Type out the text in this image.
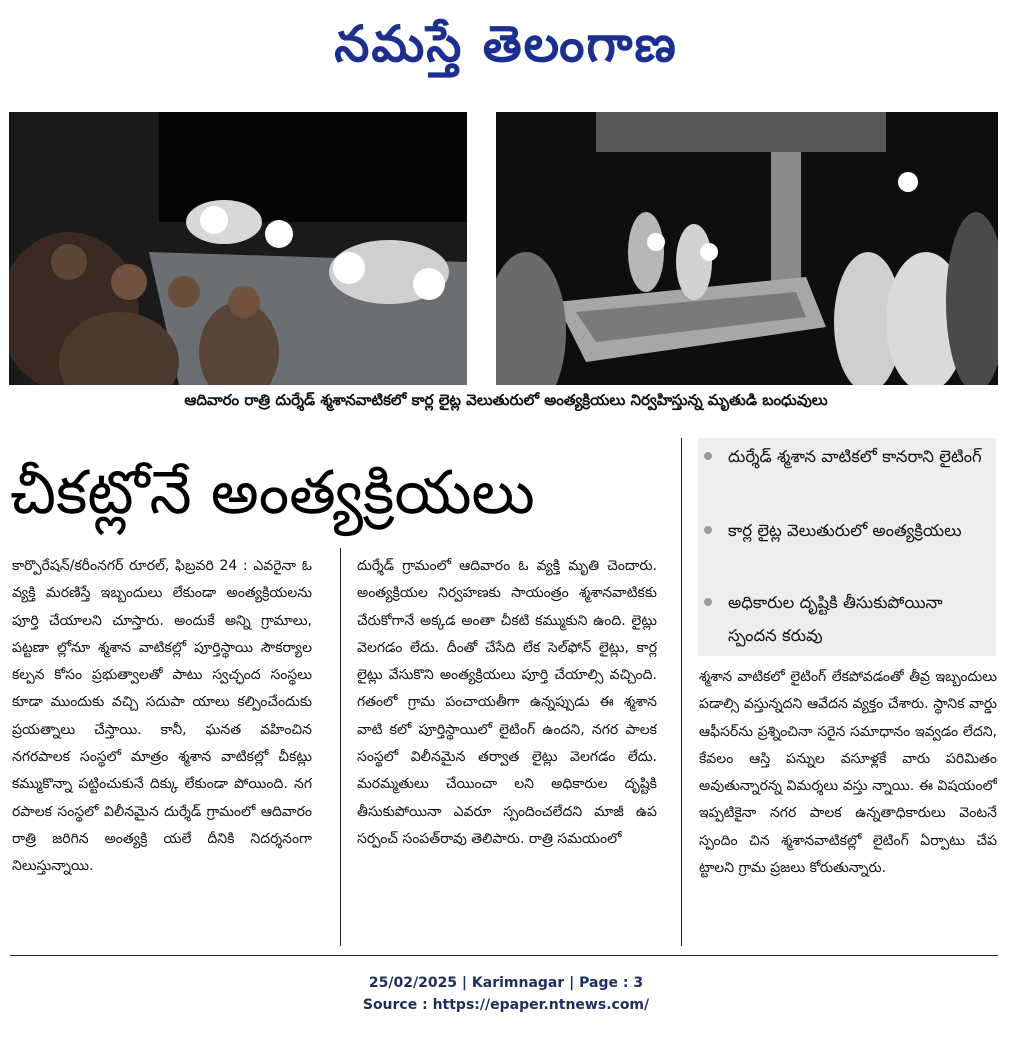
నమస్తే తెలంగాణ
ఆదివారం రాత్రి దుర్శేడ్ శ్మశానవాటికలో కార్ల లైట్ల వెలుతురులో అంత్యక్రియలు నిర్వహిస్తున్న మృతుడి బంధువులు
చీకట్లోనే అంత్యక్రియలు
దుర్శేడ్ శ్మశాన వాటికలో కానరాని లైటింగ్
కార్ల లైట్ల వెలుతురులో అంత్యక్రియలు
అధికారుల దృష్టికి తీసుకుపోయినా స్పందన కరువు
కార్పొరేషన్/కరీంనగర్ రూరల్, ఫిబ్రవరి 24 : ఎవరైనా ఓ వ్యక్తి మరణిస్తే ఇబ్బందులు లేకుండా అంత్యక్రియలను పూర్తి చేయాలని చూస్తారు. అందుకే అన్ని గ్రామాలు, పట్టణా ల్లోనూ శ్మశాన వాటికల్లో పూర్తిస్థాయి సౌకర్యాల కల్పన కోసం ప్రభుత్వాలతో పాటు స్వచ్ఛంద సంస్థలు కూడా ముందుకు వచ్చి సదుపా యాలు కల్పించేందుకు ప్రయత్నాలు చేస్తాయి. కానీ, ఘనత వహించిన నగరపాలక సంస్థలో మాత్రం శ్మశాన వాటికల్లో చీకట్లు కమ్ముకొన్నా పట్టించుకునే దిక్కు లేకుండా పోయింది. నగ రపాలక సంస్థలో విలీనమైన దుర్శేడ్ గ్రామంలో ఆదివారం రాత్రి జరిగిన అంత్యక్రి యలే దీనికి నిదర్శనంగా నిలుస్తున్నాయి.
దుర్శేడ్ గ్రామంలో ఆదివారం ఓ వ్యక్తి మృతి చెందారు. అంత్యక్రియల నిర్వహణకు సాయంత్రం శ్మశానవాటికకు చేరుకోగానే అక్కడ అంతా చీకటి కమ్ముకుని ఉంది. లైట్లు వెలగడం లేదు. దీంతో చేసేది లేక సెల్‌ఫోన్ లైట్లు, కార్ల లైట్లు వేసుకొని అంత్యక్రియలు పూర్తి చేయాల్సి వచ్చింది. గతంలో గ్రామ పంచాయతీగా ఉన్నప్పుడు ఈ శ్మశాన వాటి కలో పూర్తిస్థాయిలో లైటింగ్ ఉందని, నగర పాలక సంస్థలో విలీనమైన తర్వాత లైట్లు వెలగడం లేదు. మరమ్మతులు చేయించా లని అధికారుల దృష్టికి తీసుకుపోయినా ఎవరూ స్పందించలేదని మాజీ ఉప సర్పంచ్ సంపత్‌రావు తెలిపారు. రాత్రి సమయంలో
శ్మశాన వాటికలో లైటింగ్ లేకపోవడంతో తీవ్ర ఇబ్బందులు పడాల్సి వస్తున్నదని ఆవేదన వ్యక్తం చేశారు. స్థానిక వార్డు ఆఫీసర్‌ను ప్రశ్నించినా సరైన సమాధానం ఇవ్వడం లేదని, కేవలం ఆస్తి పన్నుల వసూళ్లకే వారు పరిమితం అవుతున్నారన్న విమర్శలు వస్తు న్నాయి. ఈ విషయంలో ఇప్పటికైనా నగర పాలక ఉన్నతాధికారులు వెంటనే స్పందిం చిన శ్మశానవాటికల్లో లైటింగ్ ఏర్పాటు చేప ట్టాలని గ్రామ ప్రజలు కోరుతున్నారు.
25/02/2025 | Karimnagar | Page : 3
Source : https://epaper.ntnews.com/
